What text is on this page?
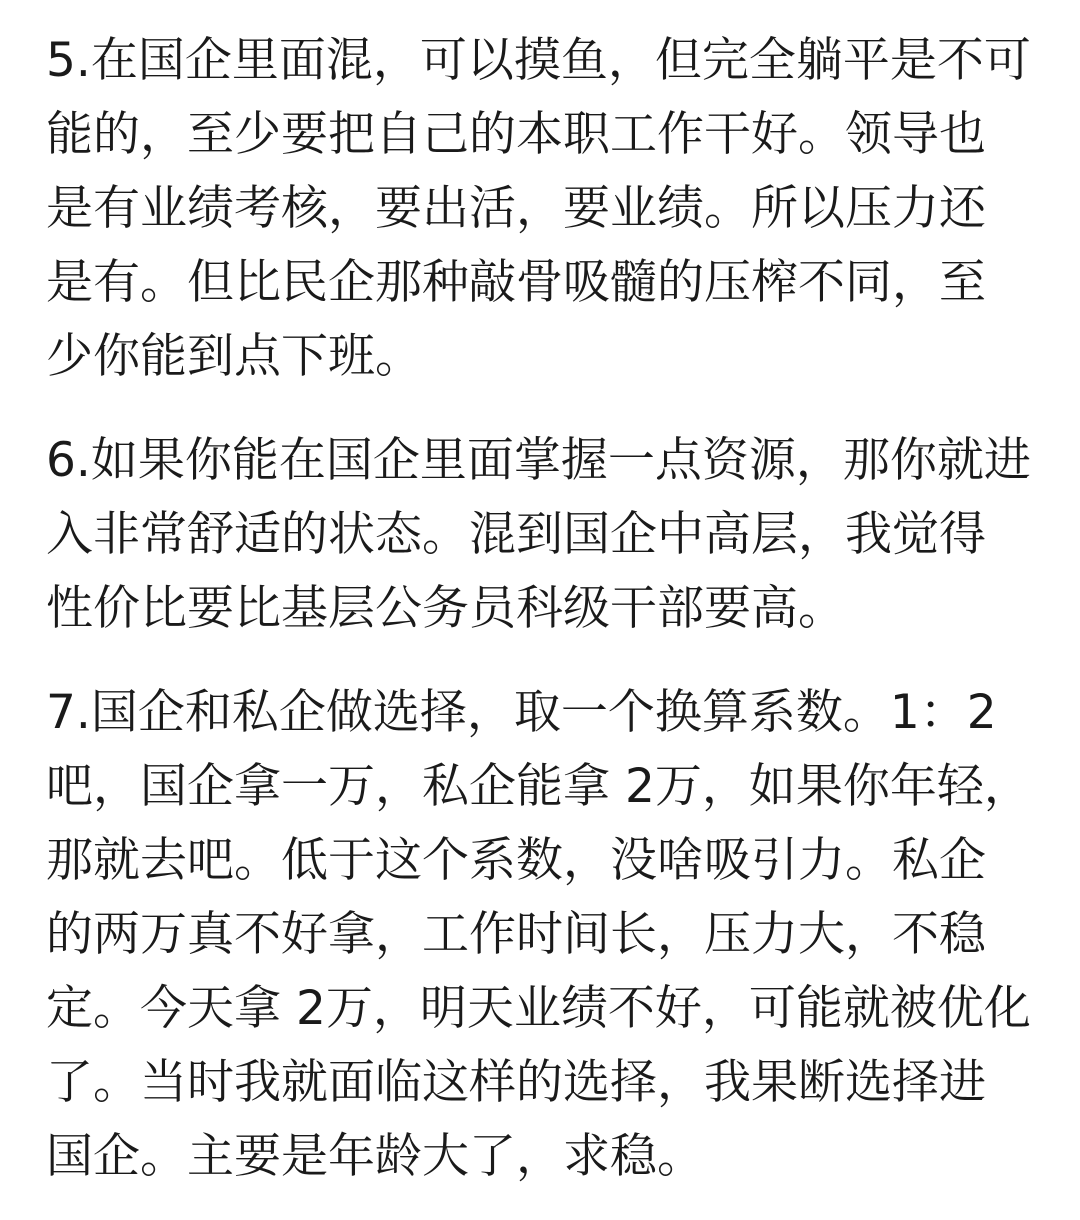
5.在国企里面混，可以摸鱼，但完全躺平是不可
能的，至少要把自己的本职工作干好。领导也
是有业绩考核，要出活，要业绩。所以压力还
是有。但比民企那种敲骨吸髓的压榨不同，至
少你能到点下班。

6.如果你能在国企里面掌握一点资源，那你就进
入非常舒适的状态。混到国企中高层，我觉得
性价比要比基层公务员科级干部要高。

7.国企和私企做选择，取一个换算系数。1：2
吧，国企拿一万，私企能拿 2万，如果你年轻，
那就去吧。低于这个系数，没啥吸引力。私企
的两万真不好拿，工作时间长，压力大，不稳
定。今天拿 2万，明天业绩不好，可能就被优化
了。当时我就面临这样的选择，我果断选择进
国企。主要是年龄大了，求稳。
